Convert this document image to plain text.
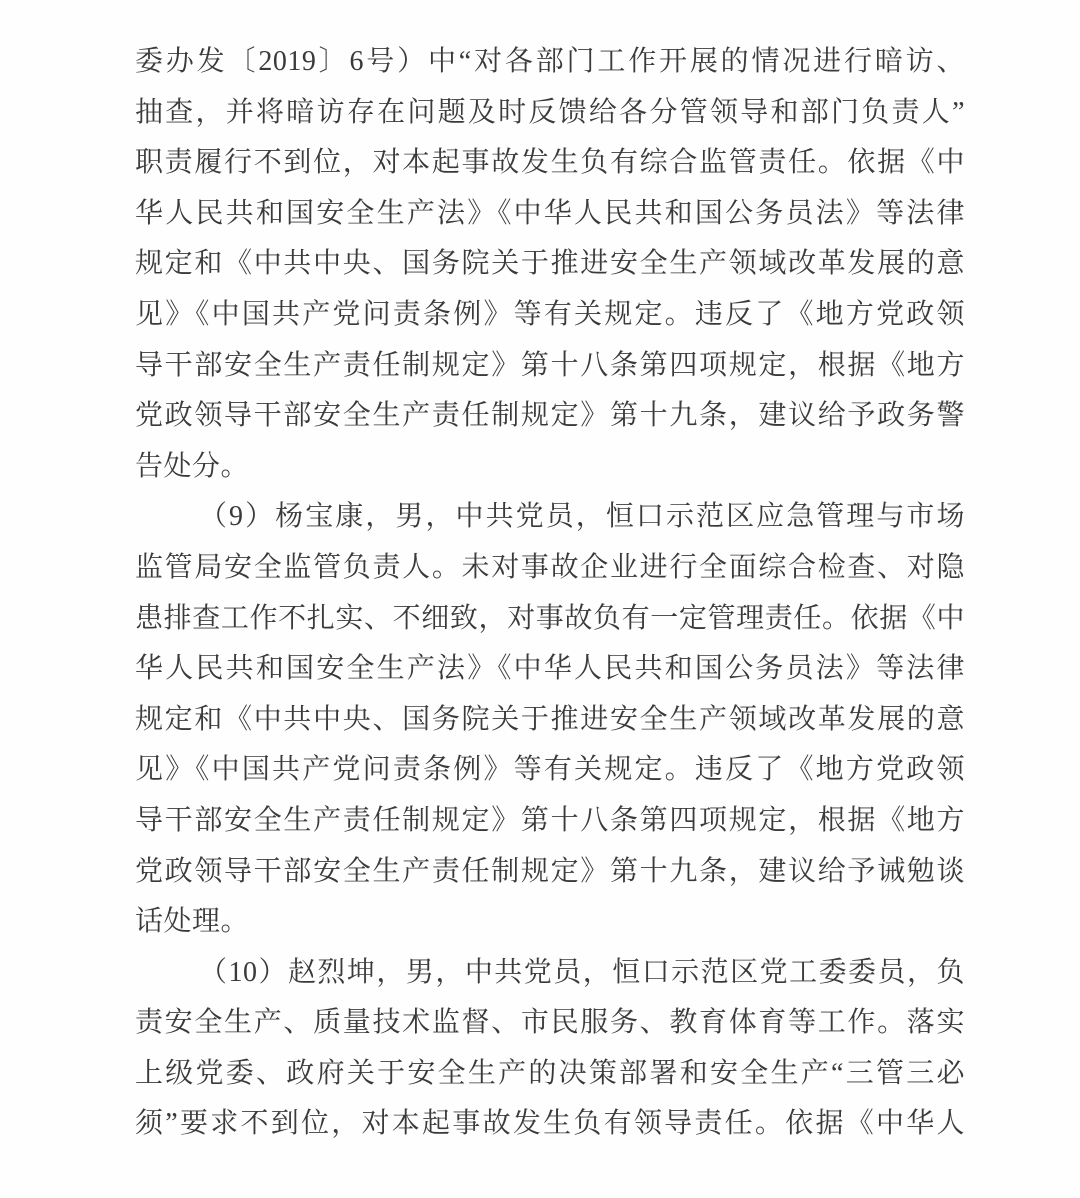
委办发〔2019〕6号）中“对各部门工作开展的情况进行暗访、
抽查，并将暗访存在问题及时反馈给各分管领导和部门负责人”
职责履行不到位，对本起事故发生负有综合监管责任。依据《中
华人民共和国安全生产法》《中华人民共和国公务员法》等法律
规定和《中共中央、国务院关于推进安全生产领域改革发展的意
见》《中国共产党问责条例》等有关规定。违反了《地方党政领
导干部安全生产责任制规定》第十八条第四项规定，根据《地方
党政领导干部安全生产责任制规定》第十九条，建议给予政务警
告处分。
（9）杨宝康，男，中共党员，恒口示范区应急管理与市场
监管局安全监管负责人。未对事故企业进行全面综合检查、对隐
患排查工作不扎实、不细致，对事故负有一定管理责任。依据《中
华人民共和国安全生产法》《中华人民共和国公务员法》等法律
规定和《中共中央、国务院关于推进安全生产领域改革发展的意
见》《中国共产党问责条例》等有关规定。违反了《地方党政领
导干部安全生产责任制规定》第十八条第四项规定，根据《地方
党政领导干部安全生产责任制规定》第十九条，建议给予诫勉谈
话处理。
（10）赵烈坤，男，中共党员，恒口示范区党工委委员，负
责安全生产、质量技术监督、市民服务、教育体育等工作。落实
上级党委、政府关于安全生产的决策部署和安全生产“三管三必
须”要求不到位，对本起事故发生负有领导责任。依据《中华人
